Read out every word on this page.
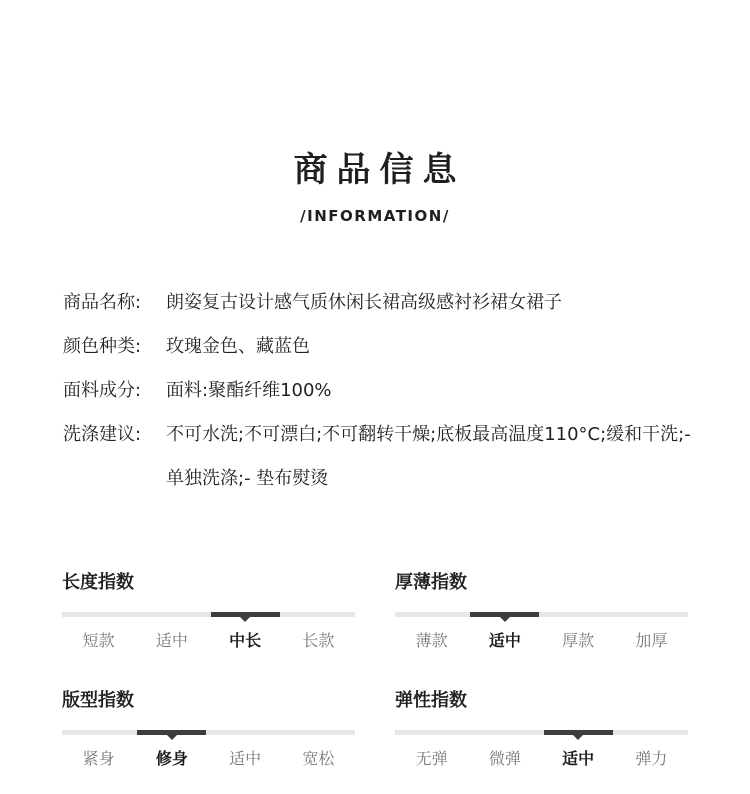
商品信息
/INFORMATION/
商品名称:	朗姿复古设计感气质休闲长裙高级感衬衫裙女裙子
颜色种类:	玫瑰金色、藏蓝色
面料成分:	面料:聚酯纤维100%
洗涤建议:	不可水洗;不可漂白;不可翻转干燥;底板最高温度110°C;缓和干洗;- 单独洗涤;- 垫布熨烫
长度指数
短款	适中	中长	长款
厚薄指数
薄款	适中	厚款	加厚
版型指数
紧身	修身	适中	宽松
弹性指数
无弹	微弹	适中	弹力
